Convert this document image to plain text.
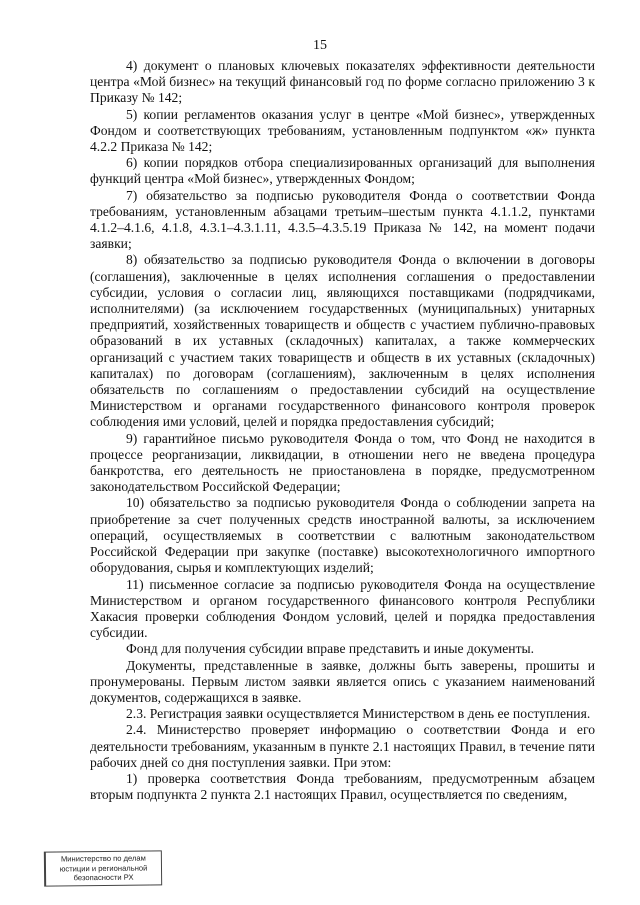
15

4) документ о плановых ключевых показателях эффективности деятельности центра «Мой бизнес» на текущий финансовый год по форме согласно приложению 3 к Приказу № 142;

5) копии регламентов оказания услуг в центре «Мой бизнес», утвержденных Фондом и соответствующих требованиям, установленным подпунктом «ж» пункта 4.2.2 Приказа № 142;

6) копии порядков отбора специализированных организаций для выполнения функций центра «Мой бизнес», утвержденных Фондом;

7) обязательство за подписью руководителя Фонда о соответствии Фонда требованиям, установленным абзацами третьим–шестым пункта 4.1.1.2, пунктами 4.1.2–4.1.6, 4.1.8, 4.3.1–4.3.1.11, 4.3.5–4.3.5.19 Приказа № 142, на момент подачи заявки;

8) обязательство за подписью руководителя Фонда о включении в договоры (соглашения), заключенные в целях исполнения соглашения о предоставлении субсидии, условия о согласии лиц, являющихся поставщиками (подрядчиками, исполнителями) (за исключением государственных (муниципальных) унитарных предприятий, хозяйственных товариществ и обществ с участием публично-правовых образований в их уставных (складочных) капиталах, а также коммерческих организаций с участием таких товариществ и обществ в их уставных (складочных) капиталах) по договорам (соглашениям), заключенным в целях исполнения обязательств по соглашениям о предоставлении субсидий на осуществление Министерством и органами государственного финансового контроля проверок соблюдения ими условий, целей и порядка предоставления субсидий;

9) гарантийное письмо руководителя Фонда о том, что Фонд не находится в процессе реорганизации, ликвидации, в отношении него не введена процедура банкротства, его деятельность не приостановлена в порядке, предусмотренном законодательством Российской Федерации;

10) обязательство за подписью руководителя Фонда о соблюдении запрета на приобретение за счет полученных средств иностранной валюты, за исключением операций, осуществляемых в соответствии с валютным законодательством Российской Федерации при закупке (поставке) высокотехнологичного импортного оборудования, сырья и комплектующих изделий;

11) письменное согласие за подписью руководителя Фонда на осуществление Министерством и органом государственного финансового контроля Республики Хакасия проверки соблюдения Фондом условий, целей и порядка предоставления субсидии.

Фонд для получения субсидии вправе представить и иные документы.

Документы, представленные в заявке, должны быть заверены, прошиты и пронумерованы. Первым листом заявки является опись с указанием наименований документов, содержащихся в заявке.

2.3. Регистрация заявки осуществляется Министерством в день ее поступления.

2.4. Министерство проверяет информацию о соответствии Фонда и его деятельности требованиям, указанным в пункте 2.1 настоящих Правил, в течение пяти рабочих дней со дня поступления заявки. При этом:

1) проверка соответствия Фонда требованиям, предусмотренным абзацем вторым подпункта 2 пункта 2.1 настоящих Правил, осуществляется по сведениям,

Министерство по делам
юстиции и региональной
безопасности РХ
